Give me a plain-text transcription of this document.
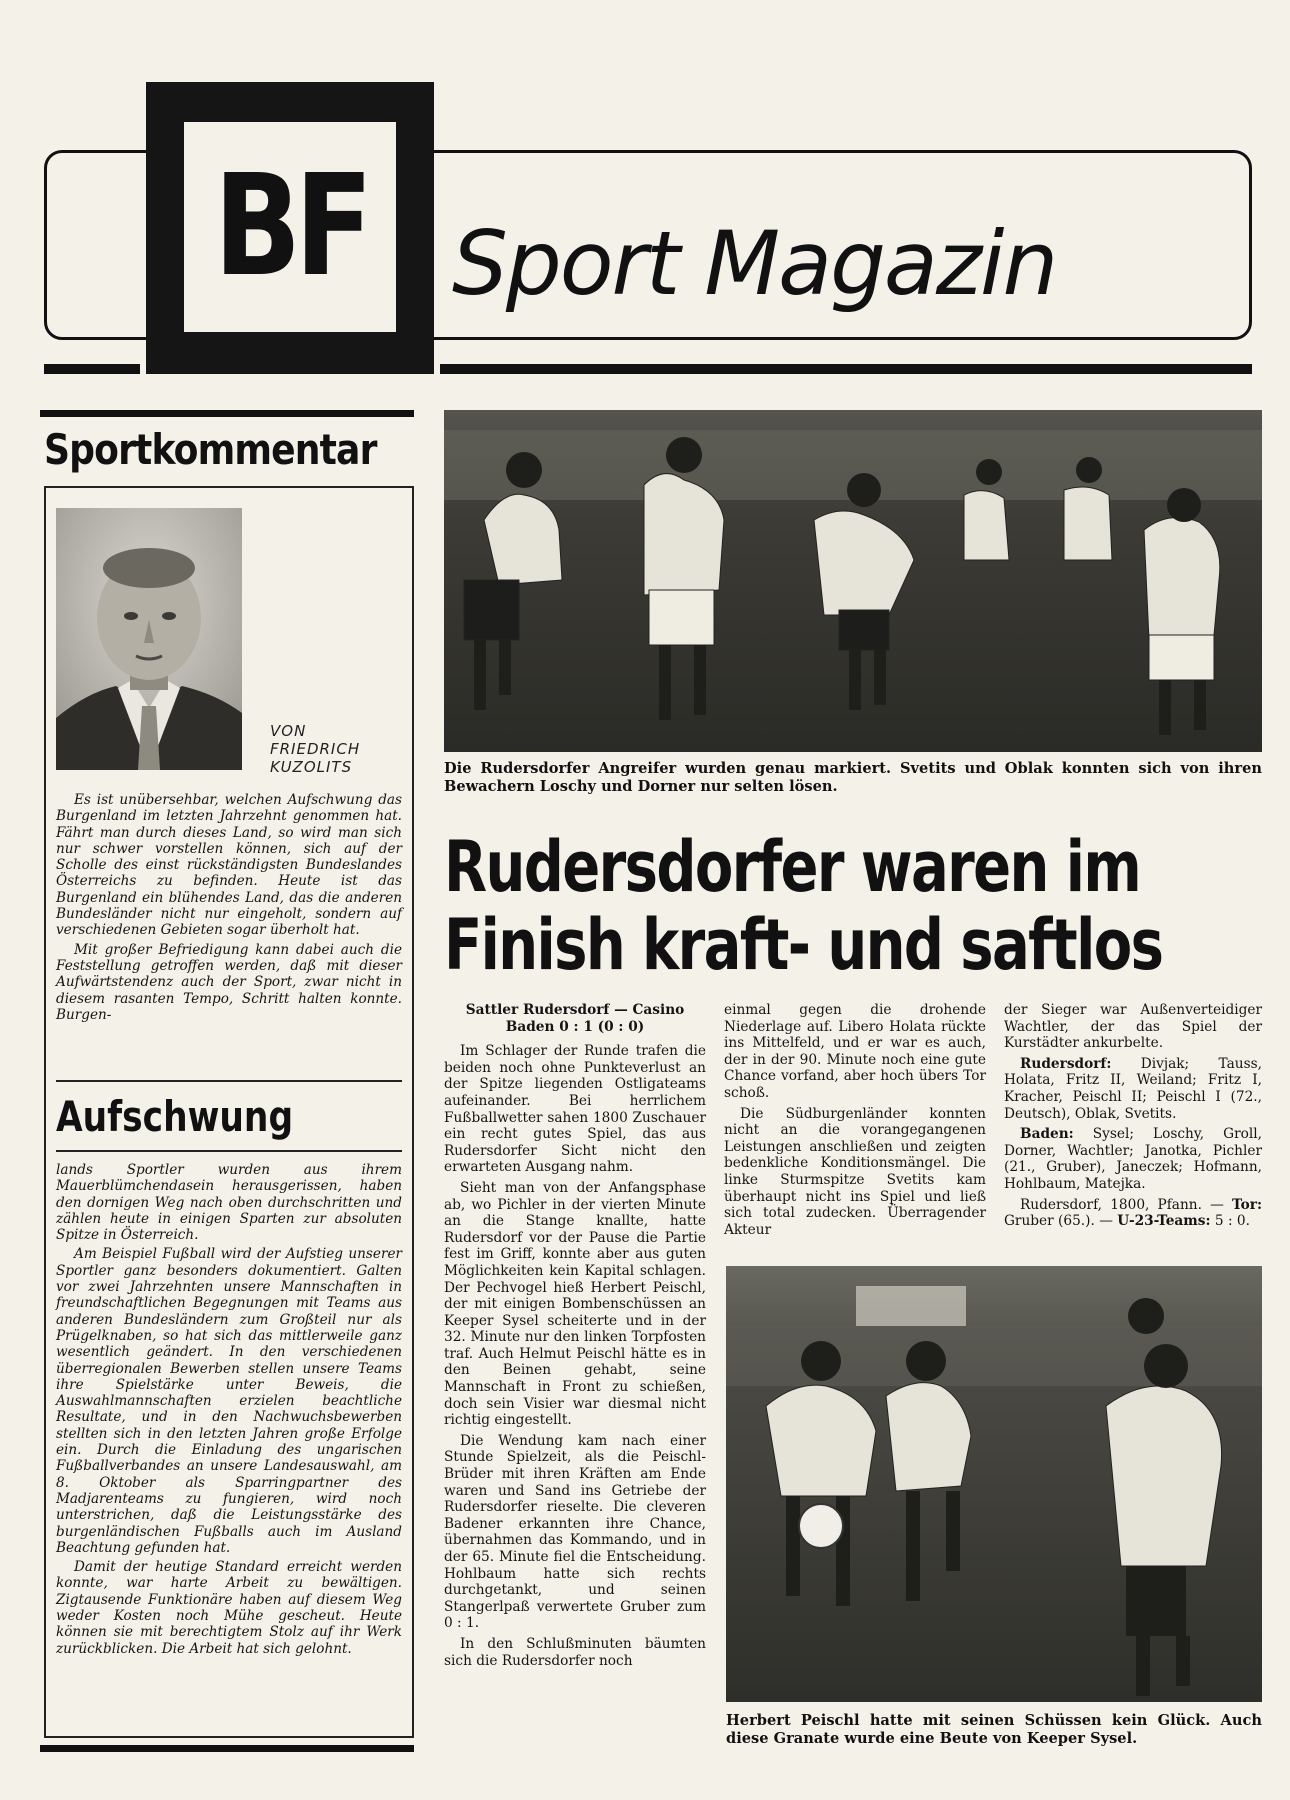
BF Sport Magazin
Sportkommentar
VON
FRIEDRICH
KUZOLITS

Es ist unübersehbar, welchen Aufschwung das Burgenland im letzten Jahrzehnt genommen hat. Fährt man durch dieses Land, so wird man sich nur schwer vorstellen können, sich auf der Scholle des einst rückständigsten Bundeslandes Österreichs zu befinden. Heute ist das Burgenland ein blühendes Land, das die anderen Bundesländer nicht nur eingeholt, sondern auf verschiedenen Gebieten sogar überholt hat.

Mit großer Befriedigung kann dabei auch die Feststellung getroffen werden, daß mit dieser Aufwärtstendenz auch der Sport, zwar nicht in diesem rasanten Tempo, Schritt halten konnte. Burgen-

Aufschwung

lands Sportler wurden aus ihrem Mauerblümchendasein herausgerissen, haben den dornigen Weg nach oben durchschritten und zählen heute in einigen Sparten zur absoluten Spitze in Österreich.

Am Beispiel Fußball wird der Aufstieg unserer Sportler ganz besonders dokumentiert. Galten vor zwei Jahrzehnten unsere Mannschaften in freundschaftlichen Begegnungen mit Teams aus anderen Bundesländern zum Großteil nur als Prügelknaben, so hat sich das mittlerweile ganz wesentlich geändert. In den verschiedenen überregionalen Bewerben stellen unsere Teams ihre Spielstärke unter Beweis, die Auswahlmannschaften erzielen beachtliche Resultate, und in den Nachwuchsbewerben stellten sich in den letzten Jahren große Erfolge ein. Durch die Einladung des ungarischen Fußballverbandes an unsere Landesauswahl, am 8. Oktober als Sparringpartner des Madjarenteams zu fungieren, wird noch unterstrichen, daß die Leistungsstärke des burgenländischen Fußballs auch im Ausland Beachtung gefunden hat.

Damit der heutige Standard erreicht werden konnte, war harte Arbeit zu bewältigen. Zigtausende Funktionäre haben auf diesem Weg weder Kosten noch Mühe gescheut. Heute können sie mit berechtigtem Stolz auf ihr Werk zurückblicken. Die Arbeit hat sich gelohnt.

Die Rudersdorfer Angreifer wurden genau markiert. Svetits und Oblak konnten sich von ihren Bewachern Loschy und Dorner nur selten lösen.
Rudersdorfer waren im
Finish kraft- und saftlos

Sattler Rudersdorf — Casino

Baden 0 : 1 (0 : 0)

Im Schlager der Runde trafen die beiden noch ohne Punkteverlust an der Spitze liegenden Ostligateams aufeinander. Bei herrlichem Fußballwetter sahen 1800 Zuschauer ein recht gutes Spiel, das aus Rudersdorfer Sicht nicht den erwarteten Ausgang nahm.

Sieht man von der Anfangsphase ab, wo Pichler in der vierten Minute an die Stange knallte, hatte Rudersdorf vor der Pause die Partie fest im Griff, konnte aber aus guten Möglichkeiten kein Kapital schlagen. Der Pechvogel hieß Herbert Peischl, der mit einigen Bombenschüssen an Keeper Sysel scheiterte und in der 32. Minute nur den linken Torpfosten traf. Auch Helmut Peischl hätte es in den Beinen gehabt, seine Mannschaft in Front zu schießen, doch sein Visier war diesmal nicht richtig eingestellt.

Die Wendung kam nach einer Stunde Spielzeit, als die Peischl-Brüder mit ihren Kräften am Ende waren und Sand ins Getriebe der Rudersdorfer rieselte. Die cleveren Badener erkannten ihre Chance, übernahmen das Kommando, und in der 65. Minute fiel die Entscheidung. Hohlbaum hatte sich rechts durchgetankt, und seinen Stangerlpaß verwertete Gruber zum 0 : 1.

In den Schlußminuten bäumten sich die Rudersdorfer noch

einmal gegen die drohende Niederlage auf. Libero Holata rückte ins Mittelfeld, und er war es auch, der in der 90. Minute noch eine gute Chance vorfand, aber hoch übers Tor schoß.

Die Südburgenländer konnten nicht an die vorangegangenen Leistungen anschließen und zeigten bedenkliche Konditionsmängel. Die linke Sturmspitze Svetits kam überhaupt nicht ins Spiel und ließ sich total zudecken. Überragender Akteur

der Sieger war Außenverteidiger Wachtler, der das Spiel der Kurstädter ankurbelte.

Rudersdorf: Divjak; Tauss, Holata, Fritz II, Weiland; Fritz I, Kracher, Peischl II; Peischl I (72., Deutsch), Oblak, Svetits.

Baden: Sysel; Loschy, Groll, Dorner, Wachtler; Janotka, Pichler (21., Gruber), Janeczek; Hofmann, Hohlbaum, Matejka.

Rudersdorf, 1800, Pfann. — Tor: Gruber (65.). — U-23-Teams: 5 : 0.

Herbert Peischl hatte mit seinen Schüssen kein Glück. Auch diese Granate wurde eine Beute von Keeper Sysel.
